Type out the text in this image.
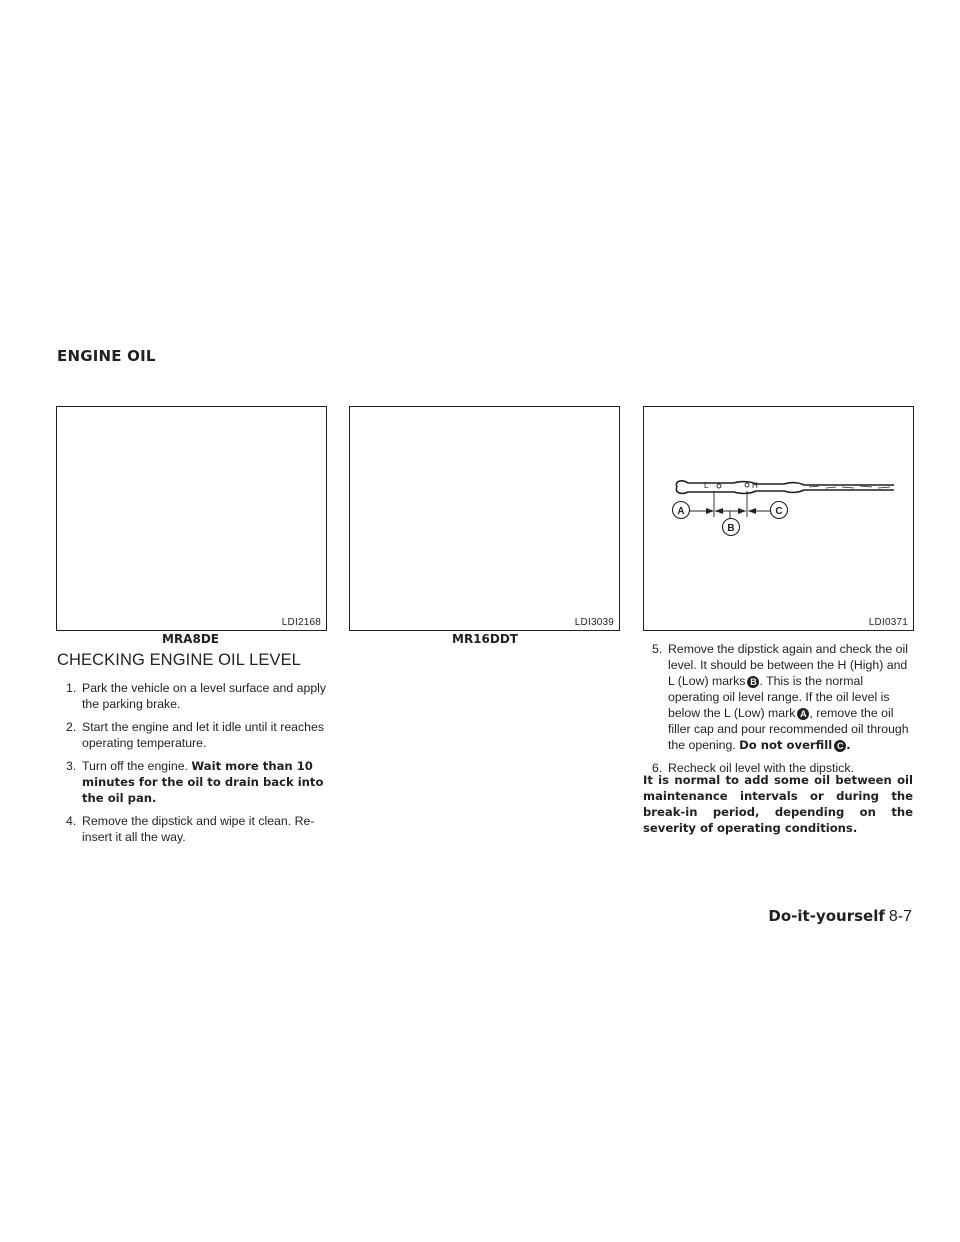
ENGINE OIL
LDI2168
MRA8DE
LDI3039
MR16DDT
L	H
A
B
C
LDI0371
CHECKING ENGINE OIL LEVEL
1. Park the vehicle on a level surface and apply the parking brake.
2. Start the engine and let it idle until it reaches operating temperature.
3. Turn off the engine. Wait more than 10 minutes for the oil to drain back into the oil pan.
4. Remove the dipstick and wipe it clean. Re-insert it all the way.
5. Remove the dipstick again and check the oil level. It should be between the H (High) and L (Low) marks B . This is the normal operating oil level range. If the oil level is below the L (Low) mark A , remove the oil filler cap and pour recommended oil through the opening. Do not overfill C .
6. Recheck oil level with the dipstick.

It is normal to add some oil between oil maintenance intervals or during the break-in period, depending on the severity of operating conditions.

Do-it-yourself 8-7
